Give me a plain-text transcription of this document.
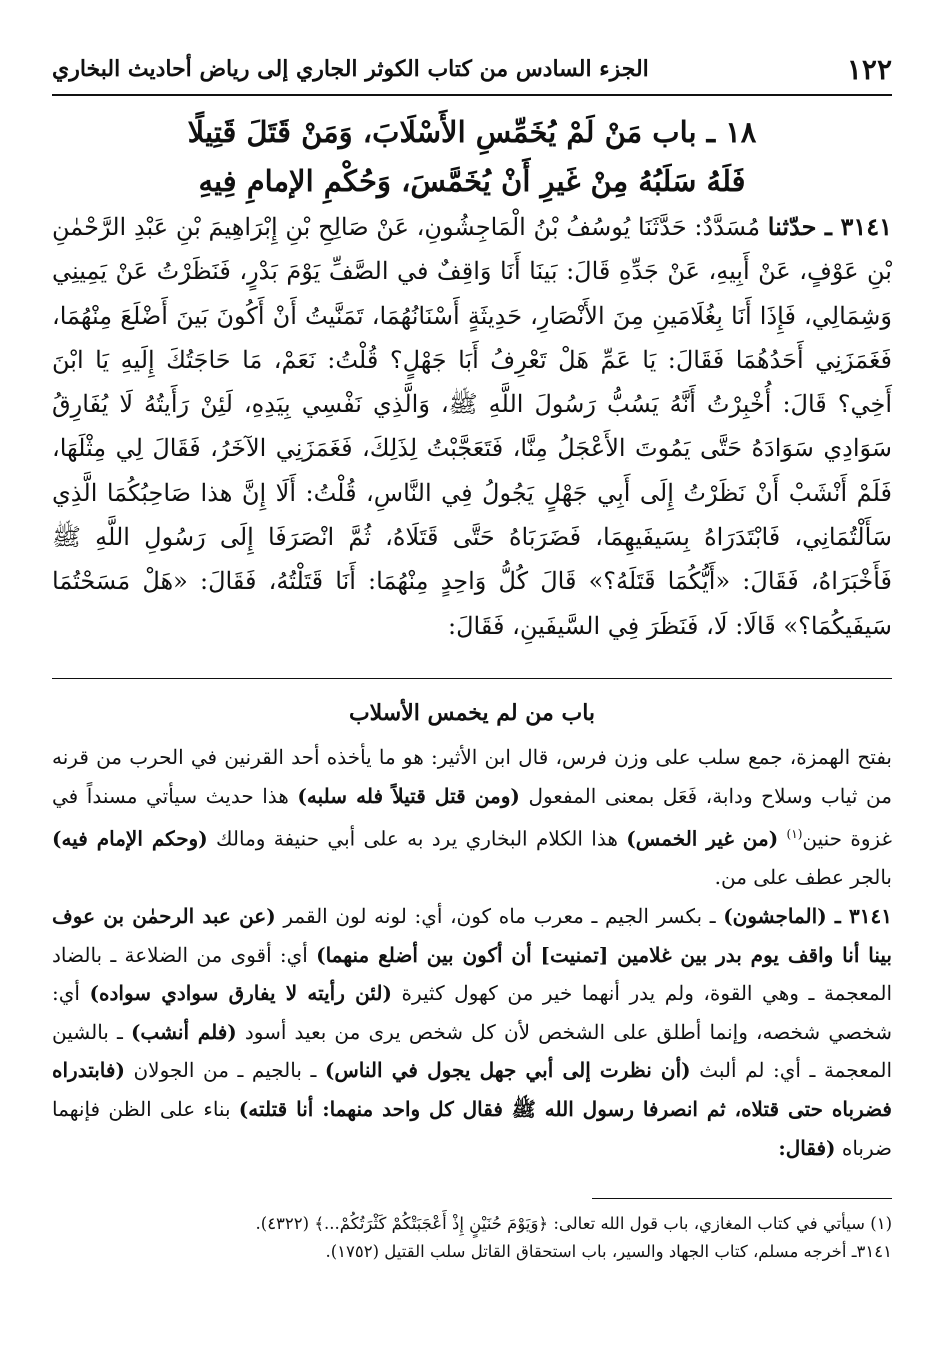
١٢٢
الجزء السادس من كتاب الكوثر الجاري إلى رياض أحاديث البخاري
١٨ ـ باب مَنْ لَمْ يُخَمِّسِ الأَسْلَابَ، وَمَنْ قَتَلَ قَتِيلًا
فَلَهُ سَلَبُهُ مِنْ غَيرِ أَنْ يُخَمَّسَ، وَحُكْمِ الإمامِ فِيهِ
٣١٤١ ـ حدّثنا مُسَدَّدٌ: حَدَّثَنَا يُوسُفُ بْنُ الْمَاجِشُونِ، عَنْ صَالِحِ بْنِ إِبْرَاهِيمَ بْنِ عَبْدِ الرَّحْمٰنِ بْنِ عَوْفٍ، عَنْ أَبِيهِ، عَنْ جَدِّهِ قَالَ: بَينَا أَنَا وَاقِفٌ في الصَّفِّ يَوْمَ بَدْرٍ، فَنَظَرْتُ عَنْ يَمِينِي وَشِمَالِي، فَإِذَا أَنَا بِغُلَامَينِ مِنَ الأَنْصَارِ، حَدِيثَةٍ أَسْنَانُهُمَا، تَمَنَّيتُ أَنْ أَكُونَ بَينَ أَضْلَعَ مِنْهُمَا، فَغَمَزَنِي أَحَدُهُمَا فَقَالَ: يَا عَمِّ هَلْ تَعْرِفُ أَبَا جَهْلٍ؟ قُلْتُ: نَعَمْ، مَا حَاجَتُكَ إِلَيهِ يَا ابْنَ أَخِي؟ قَالَ: أُخْبِرْتُ أَنَّهُ يَسُبُّ رَسُولَ اللَّهِ ﷺ، وَالَّذِي نَفْسِي بِيَدِهِ، لَئِنْ رَأَيتُهُ لَا يُفَارِقُ سَوَادِي سَوَادَهُ حَتَّى يَمُوتَ الأَعْجَلُ مِنَّا، فَتَعَجَّبْتُ لِذَلِكَ، فَغَمَزَنِي الآخَرُ، فَقَالَ لِي مِثْلَهَا، فَلَمْ أَنْشَبْ أَنْ نَظَرْتُ إِلَى أَبِي جَهْلٍ يَجُولُ فِي النَّاسِ، قُلْتُ: أَلَا إِنَّ هذا صَاحِبُكُمَا الَّذِي سَأَلْتُمَانِي، فَابْتَدَرَاهُ بِسَيفَيهِمَا، فَضَرَبَاهُ حَتَّى قَتَلَاهُ، ثُمَّ انْصَرَفَا إِلَى رَسُولِ اللَّهِ ﷺ فَأَخْبَرَاهُ، فَقَالَ: «أَيُّكُمَا قَتَلَهُ؟» قَالَ كُلُّ وَاحِدٍ مِنْهُمَا: أَنَا قَتَلْتُهُ، فَقَالَ: «هَلْ مَسَحْتُمَا سَيفَيكُمَا؟» قَالَا: لَا، فَنَظَرَ فِي السَّيفَينِ، فَقَالَ:
باب من لم يخمس الأسلاب

بفتح الهمزة، جمع سلب على وزن فرس، قال ابن الأثير: هو ما يأخذه أحد القرنين في الحرب من قرنه من ثياب وسلاح ودابة، فَعَل بمعنى المفعول (ومن قتل قتيلاً فله سلبه) هذا حديث سيأتي مسنداً في غزوة حنين$^{(١)}$ (من غير الخمس) هذا الكلام البخاري يرد به على أبي حنيفة ومالك (وحكم الإمام فيه) بالجر عطف على من.

٣١٤١ ـ (الماجشون) ـ بكسر الجيم ـ معرب ماه كون، أي: لونه لون القمر (عن عبد الرحمٰن بن عوف بينا أنا واقف يوم بدر بين غلامين [تمنيت] أن أكون بين أضلع منهما) أي: أقوى من الضلاعة ـ بالضاد المعجمة ـ وهي القوة، ولم يدر أنهما خير من كهول كثيرة (لئن رأيته لا يفارق سوادي سواده) أي: شخصي شخصه، وإنما أطلق على الشخص لأن كل شخص يرى من بعيد أسود (فلم أنشب) ـ بالشين المعجمة ـ أي: لم ألبث (أن نظرت إلى أبي جهل يجول في الناس) ـ بالجيم ـ من الجولان (فابتدراه فضرباه حتى قتلاه، ثم انصرفا رسول الله ﷺ فقال كل واحد منهما: أنا قتلته) بناء على الظن فإنهما ضرباه (فقال:

(١) سيأتي في كتاب المغازي، باب قول الله تعالى: ﴿وَيَوْمَ حُنَيْنٍ إِذْ أَعْجَبَتْكُمْ كَثْرَتُكُمْ...﴾ (٤٣٢٢).

٣١٤١ـ أخرجه مسلم، كتاب الجهاد والسير، باب استحقاق القاتل سلب القتيل (١٧٥٢).
